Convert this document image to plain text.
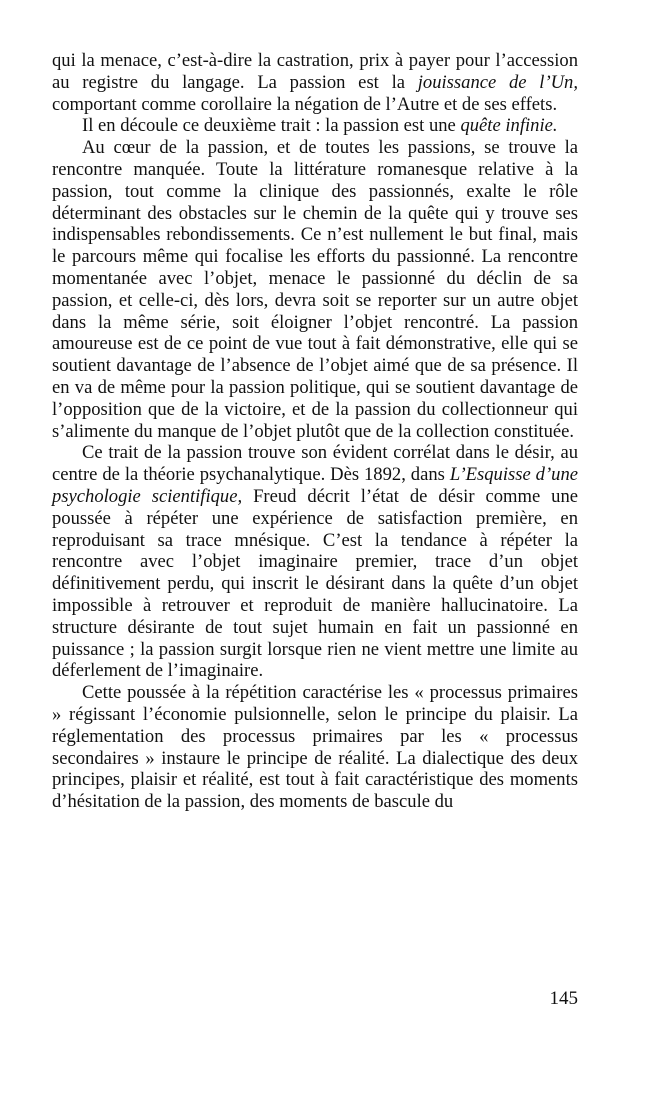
qui la menace, c’est-à-dire la castration, prix à payer pour l’accession au registre du langage. La passion est la jouissance de l’Un, comportant comme corollaire la négation de l’Autre et de ses effets.

Il en découle ce deuxième trait : la passion est une quête infinie.

Au cœur de la passion, et de toutes les passions, se trouve la rencontre manquée. Toute la littérature romanesque relative à la passion, tout comme la clinique des passionnés, exalte le rôle déterminant des obstacles sur le chemin de la quête qui y trouve ses indispensables rebondissements. Ce n’est nullement le but final, mais le parcours même qui focalise les efforts du passionné. La rencontre momentanée avec l’objet, menace le passionné du déclin de sa passion, et celle-ci, dès lors, devra soit se reporter sur un autre objet dans la même série, soit éloigner l’objet rencontré. La passion amoureuse est de ce point de vue tout à fait démonstrative, elle qui se soutient davantage de l’absence de l’objet aimé que de sa présence. Il en va de même pour la passion politique, qui se soutient davantage de l’opposition que de la victoire, et de la passion du collectionneur qui s’alimente du manque de l’objet plutôt que de la collection constituée.

Ce trait de la passion trouve son évident corrélat dans le désir, au centre de la théorie psychanalytique. Dès 1892, dans L’Esquisse d’une psychologie scientifique, Freud décrit l’état de désir comme une poussée à répéter une expérience de satisfaction première, en reproduisant sa trace mnésique. C’est la tendance à répéter la rencontre avec l’objet imaginaire premier, trace d’un objet définitivement perdu, qui inscrit le désirant dans la quête d’un objet impossible à retrouver et reproduit de manière hallucinatoire. La structure désirante de tout sujet humain en fait un passionné en puissance ; la passion surgit lorsque rien ne vient mettre une limite au déferlement de l’imaginaire.

Cette poussée à la répétition caractérise les « processus primaires » régissant l’économie pulsionnelle, selon le principe du plaisir. La réglementation des processus primaires par les « processus secondaires » instaure le principe de réalité. La dialectique des deux principes, plaisir et réalité, est tout à fait caractéristique des moments d’hésitation de la passion, des moments de bascule du

145
